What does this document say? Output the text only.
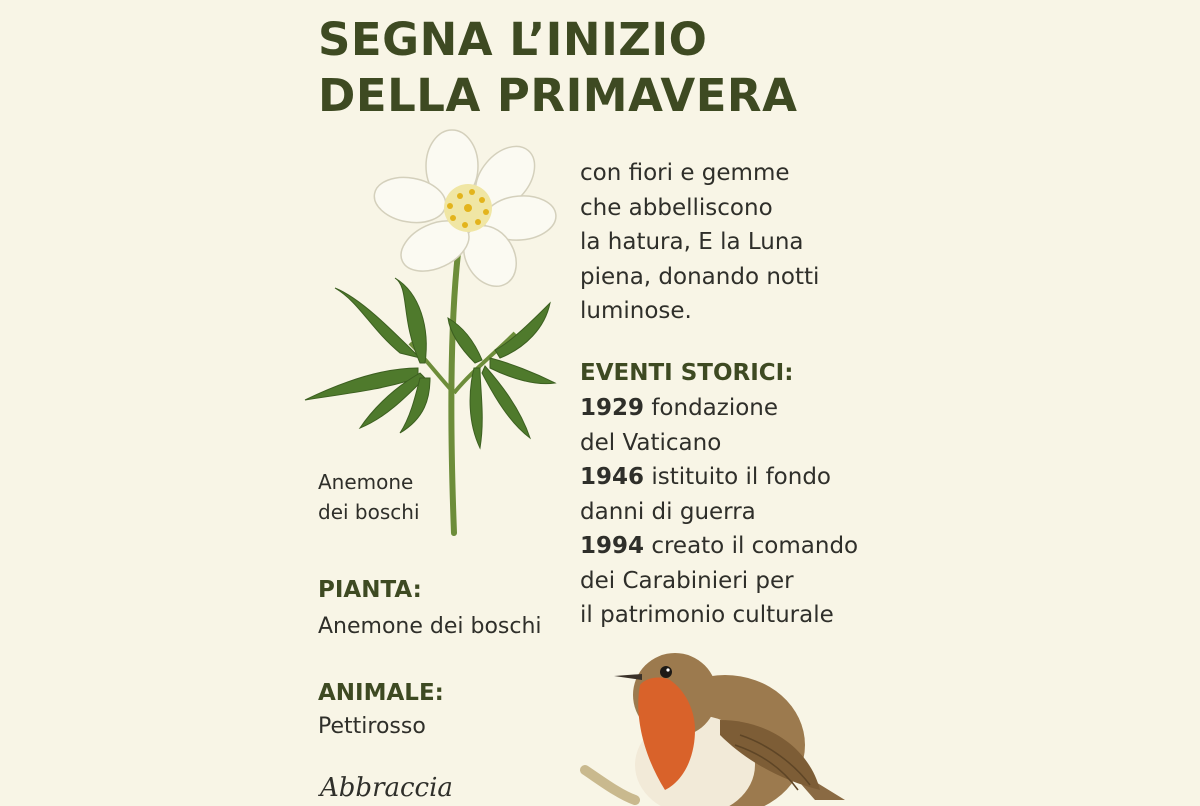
SEGNA L’INIZIO
DELLA PRIMAVERA
con fiori e gemme
che abbelliscono
la hatura, E la Luna
piena, donando notti
luminose.
EVENTI STORICI:
1929 fondazione
del Vaticano
1946 istituito il fondo
danni di guerra
1994 creato il comando
dei Carabinieri per
il patrimonio culturale
Anemone
dei boschi
PIANTA:
Anemone dei boschi
ANIMALE:
Pettirosso
Abbraccia
